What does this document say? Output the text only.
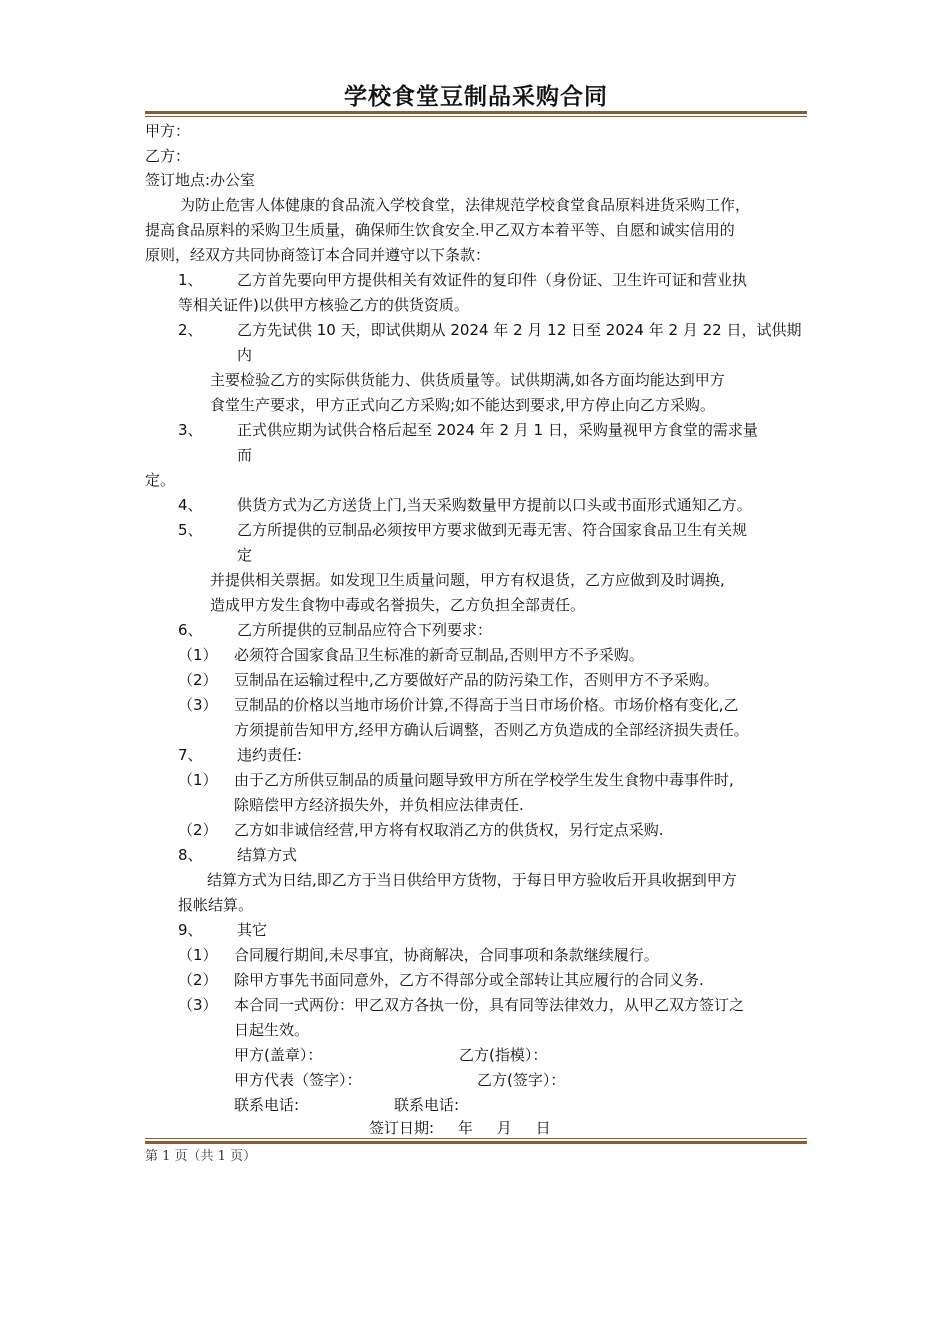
学校食堂豆制品采购合同
甲方：
乙方：
签订地点:办公室
为防止危害人体健康的食品流入学校食堂，法律规范学校食堂食品原料进货采购工作，
提高食品原料的采购卫生质量，确保师生饮食安全.甲乙双方本着平等、自愿和诚实信用的
原则，经双方共同协商签订本合同并遵守以下条款：
1、 乙方首先要向甲方提供相关有效证件的复印件（身份证、卫生许可证和营业执
等相关证件)以供甲方核验乙方的供货资质。
2、 乙方先试供 10 天，即试供期从 2024 年 2 月 12 日至 2024 年 2 月 22 日，试供期
内
主要检验乙方的实际供货能力、供货质量等。试供期满,如各方面均能达到甲方
食堂生产要求，甲方正式向乙方采购;如不能达到要求,甲方停止向乙方采购。
3、 正式供应期为试供合格后起至 2024 年 2 月 1 日，采购量视甲方食堂的需求量
而
定。
4、 供货方式为乙方送货上门,当天采购数量甲方提前以口头或书面形式通知乙方。
5、 乙方所提供的豆制品必须按甲方要求做到无毒无害、符合国家食品卫生有关规
定
并提供相关票据。如发现卫生质量问题，甲方有权退货，乙方应做到及时调换,
造成甲方发生食物中毒或名誉损失，乙方负担全部责任。
6、 乙方所提供的豆制品应符合下列要求：
（1） 必须符合国家食品卫生标准的新奇豆制品,否则甲方不予采购。
（2） 豆制品在运输过程中,乙方要做好产品的防污染工作，否则甲方不予采购。
（3） 豆制品的价格以当地市场价计算,不得高于当日市场价格。市场价格有变化,乙
方须提前告知甲方,经甲方确认后调整，否则乙方负造成的全部经济损失责任。
7、 违约责任:
（1） 由于乙方所供豆制品的质量问题导致甲方所在学校学生发生食物中毒事件时,
除赔偿甲方经济损失外，并负相应法律责任.
（2） 乙方如非诚信经营,甲方将有权取消乙方的供货权，另行定点采购.
8、 结算方式
结算方式为日结,即乙方于当日供给甲方货物，于每日甲方验收后开具收据到甲方
报帐结算。
9、 其它
（1） 合同履行期间,未尽事宜，协商解决，合同事项和条款继续履行。
（2） 除甲方事先书面同意外，乙方不得部分或全部转让其应履行的合同义务.
（3） 本合同一式两份：甲乙双方各执一份，具有同等法律效力，从甲乙双方签订之
日起生效。
甲方(盖章）：	乙方(指模）：
甲方代表（签字）：	乙方(签字）：
联系电话:	联系电话:
签订日期:     年     月     日
第 1 页（共 1 页）
